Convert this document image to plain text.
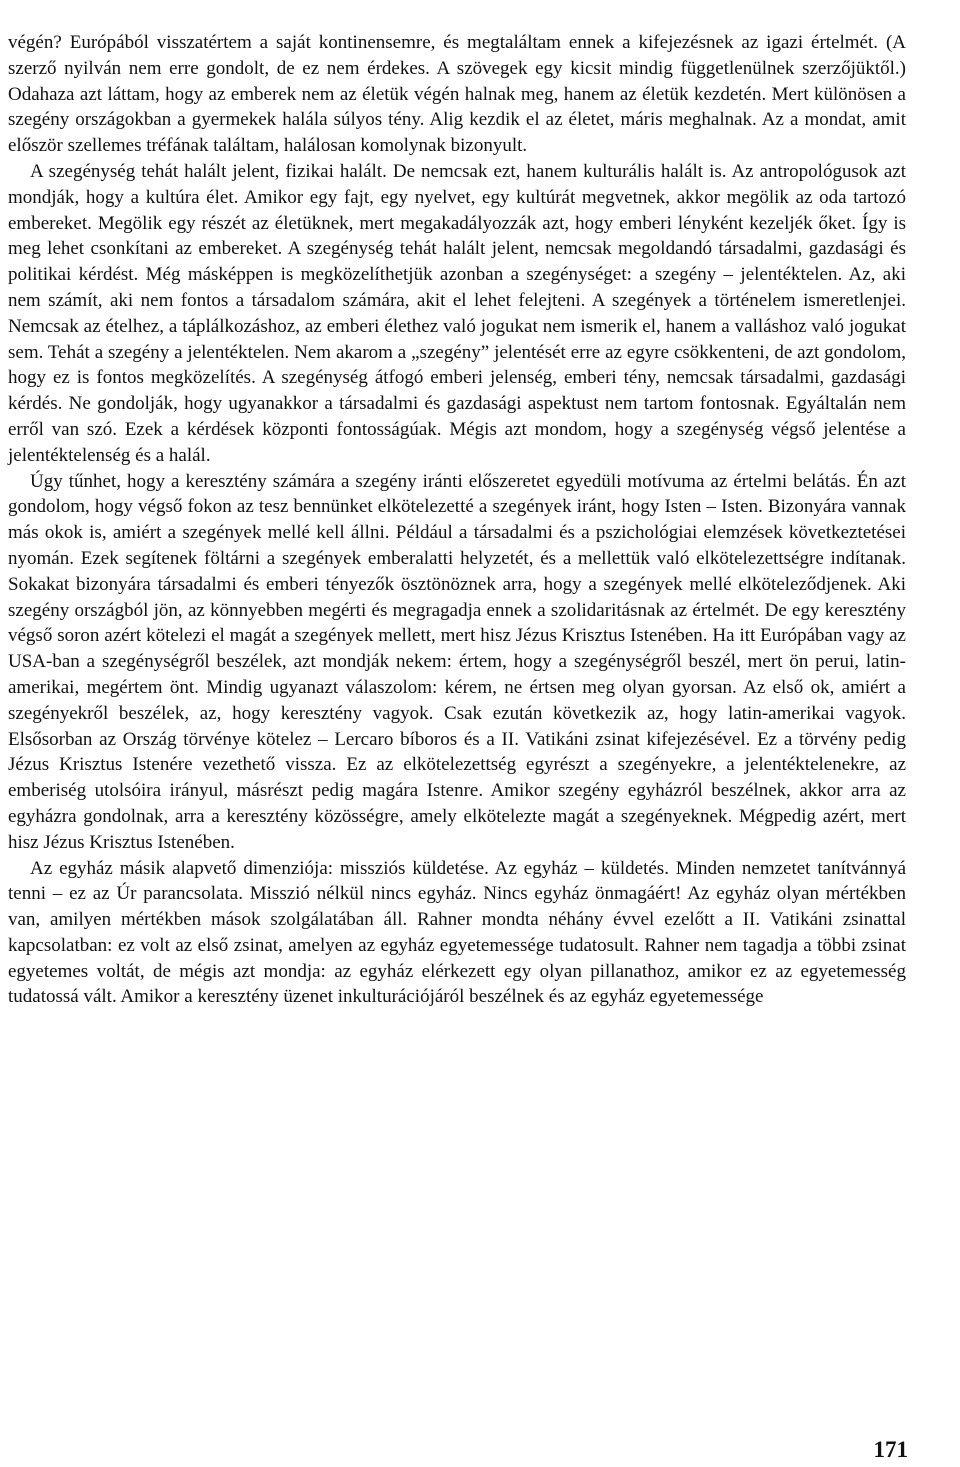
végén? Európából visszatértem a saját kontinensemre, és megtaláltam ennek a kifejezésnek az igazi értelmét. (A szerző nyilván nem erre gondolt, de ez nem érdekes. A szövegek egy kicsit mindig függetlenülnek szerzőjüktől.) Odahaza azt láttam, hogy az emberek nem az életük végén halnak meg, hanem az életük kezdetén. Mert különösen a szegény országokban a gyermekek halála súlyos tény. Alig kezdik el az életet, máris meghalnak. Az a mondat, amit először szellemes tréfának találtam, halálosan komolynak bizonyult.

A szegénység tehát halált jelent, fizikai halált. De nemcsak ezt, hanem kulturális halált is. Az antropológusok azt mondják, hogy a kultúra élet. Amikor egy fajt, egy nyelvet, egy kultúrát megvetnek, akkor megölik az oda tartozó embereket. Megölik egy részét az életüknek, mert megakadályozzák azt, hogy emberi lényként kezeljék őket. Így is meg lehet csonkítani az embereket. A szegénység tehát halált jelent, nemcsak megoldandó társadalmi, gazdasági és politikai kérdést. Még másképpen is megközelíthetjük azonban a szegénységet: a szegény – jelentéktelen. Az, aki nem számít, aki nem fontos a társadalom számára, akit el lehet felejteni. A szegények a történelem ismeretlenjei. Nemcsak az ételhez, a táplálkozáshoz, az emberi élethez való jogukat nem ismerik el, hanem a valláshoz való jogukat sem. Tehát a szegény a jelentéktelen. Nem akarom a „szegény” jelentését erre az egyre csökkenteni, de azt gondolom, hogy ez is fontos megközelítés. A szegénység átfogó emberi jelenség, emberi tény, nemcsak társadalmi, gazdasági kérdés. Ne gondolják, hogy ugyanakkor a társadalmi és gazdasági aspektust nem tartom fontosnak. Egyáltalán nem erről van szó. Ezek a kérdések központi fontosságúak. Mégis azt mondom, hogy a szegénység végső jelentése a jelentéktelenség és a halál.

Úgy tűnhet, hogy a keresztény számára a szegény iránti előszeretet egyedüli motívuma az értelmi belátás. Én azt gondolom, hogy végső fokon az tesz bennünket elkötelezetté a szegények iránt, hogy Isten – Isten. Bizonyára vannak más okok is, amiért a szegények mellé kell állni. Például a társadalmi és a pszichológiai elemzések következtetései nyomán. Ezek segítenek föltárni a szegények emberalatti helyzetét, és a mellettük való elkötelezettségre indítanak. Sokakat bizonyára társadalmi és emberi tényezők ösztönöznek arra, hogy a szegények mellé elköteleződjenek. Aki szegény országból jön, az könnyebben megérti és megragadja ennek a szolidaritásnak az értelmét. De egy keresztény végső soron azért kötelezi el magát a szegények mellett, mert hisz Jézus Krisztus Istenében. Ha itt Európában vagy az USA-ban a szegénységről beszélek, azt mondják nekem: értem, hogy a szegénységről beszél, mert ön perui, latin-amerikai, megértem önt. Mindig ugyanazt válaszolom: kérem, ne értsen meg olyan gyorsan. Az első ok, amiért a szegényekről beszélek, az, hogy keresztény vagyok. Csak ezután következik az, hogy latin-amerikai vagyok. Elsősorban az Ország törvénye kötelez – Lercaro bíboros és a II. Vatikáni zsinat kifejezésével. Ez a törvény pedig Jézus Krisztus Istenére vezethető vissza. Ez az elkötelezettség egyrészt a szegényekre, a jelentéktelenekre, az emberiség utolsóira irányul, másrészt pedig magára Istenre. Amikor szegény egyházról beszélnek, akkor arra az egyházra gondolnak, arra a keresztény közösségre, amely elkötelezte magát a szegényeknek. Mégpedig azért, mert hisz Jézus Krisztus Istenében.

Az egyház másik alapvető dimenziója: missziós küldetése. Az egyház – küldetés. Minden nemzetet tanítvánnyá tenni – ez az Úr parancsolata. Misszió nélkül nincs egyház. Nincs egyház önmagáért! Az egyház olyan mértékben van, amilyen mértékben mások szolgálatában áll. Rahner mondta néhány évvel ezelőtt a II. Vatikáni zsinattal kapcsolatban: ez volt az első zsinat, amelyen az egyház egyetemessége tudatosult. Rahner nem tagadja a többi zsinat egyetemes voltát, de mégis azt mondja: az egyház elérkezett egy olyan pillanathoz, amikor ez az egyetemesség tudatossá vált. Amikor a keresztény üzenet inkulturációjáról beszélnek és az egyház egyetemessége

171
